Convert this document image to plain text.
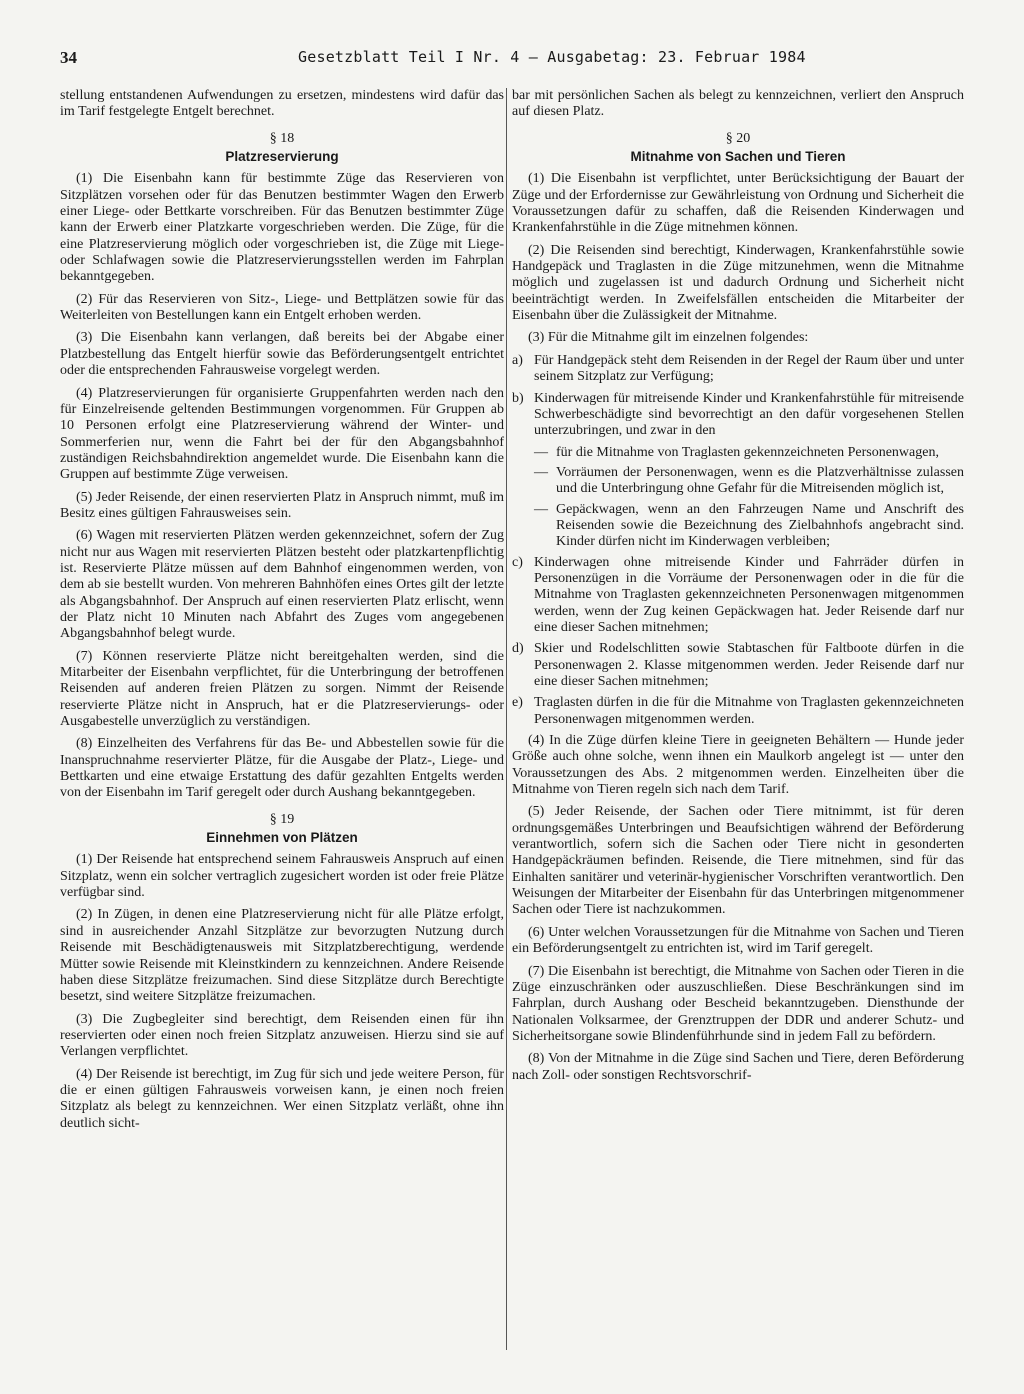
34	Gesetzblatt Teil I Nr. 4 — Ausgabetag: 23. Februar 1984

stellung entstandenen Aufwendungen zu ersetzen, mindestens wird dafür das im Tarif festgelegte Entgelt berechnet.

§ 18
Platzreservierung

(1) Die Eisenbahn kann für bestimmte Züge das Reservieren von Sitzplätzen vorsehen oder für das Benutzen bestimmter Wagen den Erwerb einer Liege- oder Bettkarte vorschreiben. Für das Benutzen bestimmter Züge kann der Erwerb einer Platzkarte vorgeschrieben werden. Die Züge, für die eine Platzreservierung möglich oder vorgeschrieben ist, die Züge mit Liege- oder Schlafwagen sowie die Platzreservierungsstellen werden im Fahrplan bekanntgegeben.

(2) Für das Reservieren von Sitz-, Liege- und Bettplätzen sowie für das Weiterleiten von Bestellungen kann ein Entgelt erhoben werden.

(3) Die Eisenbahn kann verlangen, daß bereits bei der Abgabe einer Platzbestellung das Entgelt hierfür sowie das Beförderungsentgelt entrichtet oder die entsprechenden Fahrausweise vorgelegt werden.

(4) Platzreservierungen für organisierte Gruppenfahrten werden nach den für Einzelreisende geltenden Bestimmungen vorgenommen. Für Gruppen ab 10 Personen erfolgt eine Platzreservierung während der Winter- und Sommerferien nur, wenn die Fahrt bei der für den Abgangsbahnhof zuständigen Reichsbahndirektion angemeldet wurde. Die Eisenbahn kann die Gruppen auf bestimmte Züge verweisen.

(5) Jeder Reisende, der einen reservierten Platz in Anspruch nimmt, muß im Besitz eines gültigen Fahrausweises sein.

(6) Wagen mit reservierten Plätzen werden gekennzeichnet, sofern der Zug nicht nur aus Wagen mit reservierten Plätzen besteht oder platzkartenpflichtig ist. Reservierte Plätze müssen auf dem Bahnhof eingenommen werden, von dem ab sie bestellt wurden. Von mehreren Bahnhöfen eines Ortes gilt der letzte als Abgangsbahnhof. Der Anspruch auf einen reservierten Platz erlischt, wenn der Platz nicht 10 Minuten nach Abfahrt des Zuges vom angegebenen Abgangsbahnhof belegt wurde.

(7) Können reservierte Plätze nicht bereitgehalten werden, sind die Mitarbeiter der Eisenbahn verpflichtet, für die Unterbringung der betroffenen Reisenden auf anderen freien Plätzen zu sorgen. Nimmt der Reisende reservierte Plätze nicht in Anspruch, hat er die Platzreservierungs- oder Ausgabestelle unverzüglich zu verständigen.

(8) Einzelheiten des Verfahrens für das Be- und Abbestellen sowie für die Inanspruchnahme reservierter Plätze, für die Ausgabe der Platz-, Liege- und Bettkarten und eine etwaige Erstattung des dafür gezahlten Entgelts werden von der Eisenbahn im Tarif geregelt oder durch Aushang bekanntgegeben.

§ 19
Einnehmen von Plätzen

(1) Der Reisende hat entsprechend seinem Fahrausweis Anspruch auf einen Sitzplatz, wenn ein solcher vertraglich zugesichert worden ist oder freie Plätze verfügbar sind.

(2) In Zügen, in denen eine Platzreservierung nicht für alle Plätze erfolgt, sind in ausreichender Anzahl Sitzplätze zur bevorzugten Nutzung durch Reisende mit Beschädigtenausweis mit Sitzplatzberechtigung, werdende Mütter sowie Reisende mit Kleinstkindern zu kennzeichnen. Andere Reisende haben diese Sitzplätze freizumachen. Sind diese Sitzplätze durch Berechtigte besetzt, sind weitere Sitzplätze freizumachen.

(3) Die Zugbegleiter sind berechtigt, dem Reisenden einen für ihn reservierten oder einen noch freien Sitzplatz anzuweisen. Hierzu sind sie auf Verlangen verpflichtet.

(4) Der Reisende ist berechtigt, im Zug für sich und jede weitere Person, für die er einen gültigen Fahrausweis vorweisen kann, je einen noch freien Sitzplatz als belegt zu kennzeichnen. Wer einen Sitzplatz verläßt, ohne ihn deutlich sicht-

bar mit persönlichen Sachen als belegt zu kennzeichnen, verliert den Anspruch auf diesen Platz.

§ 20
Mitnahme von Sachen und Tieren

(1) Die Eisenbahn ist verpflichtet, unter Berücksichtigung der Bauart der Züge und der Erfordernisse zur Gewährleistung von Ordnung und Sicherheit die Voraussetzungen dafür zu schaffen, daß die Reisenden Kinderwagen und Krankenfahrstühle in die Züge mitnehmen können.

(2) Die Reisenden sind berechtigt, Kinderwagen, Krankenfahrstühle sowie Handgepäck und Traglasten in die Züge mitzunehmen, wenn die Mitnahme möglich und zugelassen ist und dadurch Ordnung und Sicherheit nicht beeinträchtigt werden. In Zweifelsfällen entscheiden die Mitarbeiter der Eisenbahn über die Zulässigkeit der Mitnahme.

(3) Für die Mitnahme gilt im einzelnen folgendes:

a) Für Handgepäck steht dem Reisenden in der Regel der Raum über und unter seinem Sitzplatz zur Verfügung;
b) Kinderwagen für mitreisende Kinder und Krankenfahrstühle für mitreisende Schwerbeschädigte sind bevorrechtigt an den dafür vorgesehenen Stellen unterzubringen, und zwar in den
— für die Mitnahme von Traglasten gekennzeichneten Personenwagen,
— Vorräumen der Personenwagen, wenn es die Platzverhältnisse zulassen und die Unterbringung ohne Gefahr für die Mitreisenden möglich ist,
— Gepäckwagen, wenn an den Fahrzeugen Name und Anschrift des Reisenden sowie die Bezeichnung des Zielbahnhofs angebracht sind. Kinder dürfen nicht im Kinderwagen verbleiben;
c) Kinderwagen ohne mitreisende Kinder und Fahrräder dürfen in Personenzügen in die Vorräume der Personenwagen oder in die für die Mitnahme von Traglasten gekennzeichneten Personenwagen mitgenommen werden, wenn der Zug keinen Gepäckwagen hat. Jeder Reisende darf nur eine dieser Sachen mitnehmen;
d) Skier und Rodelschlitten sowie Stabtaschen für Faltboote dürfen in die Personenwagen 2. Klasse mitgenommen werden. Jeder Reisende darf nur eine dieser Sachen mitnehmen;
e) Traglasten dürfen in die für die Mitnahme von Traglasten gekennzeichneten Personenwagen mitgenommen werden.

(4) In die Züge dürfen kleine Tiere in geeigneten Behältern — Hunde jeder Größe auch ohne solche, wenn ihnen ein Maulkorb angelegt ist — unter den Voraussetzungen des Abs. 2 mitgenommen werden. Einzelheiten über die Mitnahme von Tieren regeln sich nach dem Tarif.

(5) Jeder Reisende, der Sachen oder Tiere mitnimmt, ist für deren ordnungsgemäßes Unterbringen und Beaufsichtigen während der Beförderung verantwortlich, sofern sich die Sachen oder Tiere nicht in gesonderten Handgepäckräumen befinden. Reisende, die Tiere mitnehmen, sind für das Einhalten sanitärer und veterinär-hygienischer Vorschriften verantwortlich. Den Weisungen der Mitarbeiter der Eisenbahn für das Unterbringen mitgenommener Sachen oder Tiere ist nachzukommen.

(6) Unter welchen Voraussetzungen für die Mitnahme von Sachen und Tieren ein Beförderungsentgelt zu entrichten ist, wird im Tarif geregelt.

(7) Die Eisenbahn ist berechtigt, die Mitnahme von Sachen oder Tieren in die Züge einzuschränken oder auszuschließen. Diese Beschränkungen sind im Fahrplan, durch Aushang oder Bescheid bekanntzugeben. Diensthunde der Nationalen Volksarmee, der Grenztruppen der DDR und anderer Schutz- und Sicherheitsorgane sowie Blindenführhunde sind in jedem Fall zu befördern.

(8) Von der Mitnahme in die Züge sind Sachen und Tiere, deren Beförderung nach Zoll- oder sonstigen Rechtsvorschrif-
